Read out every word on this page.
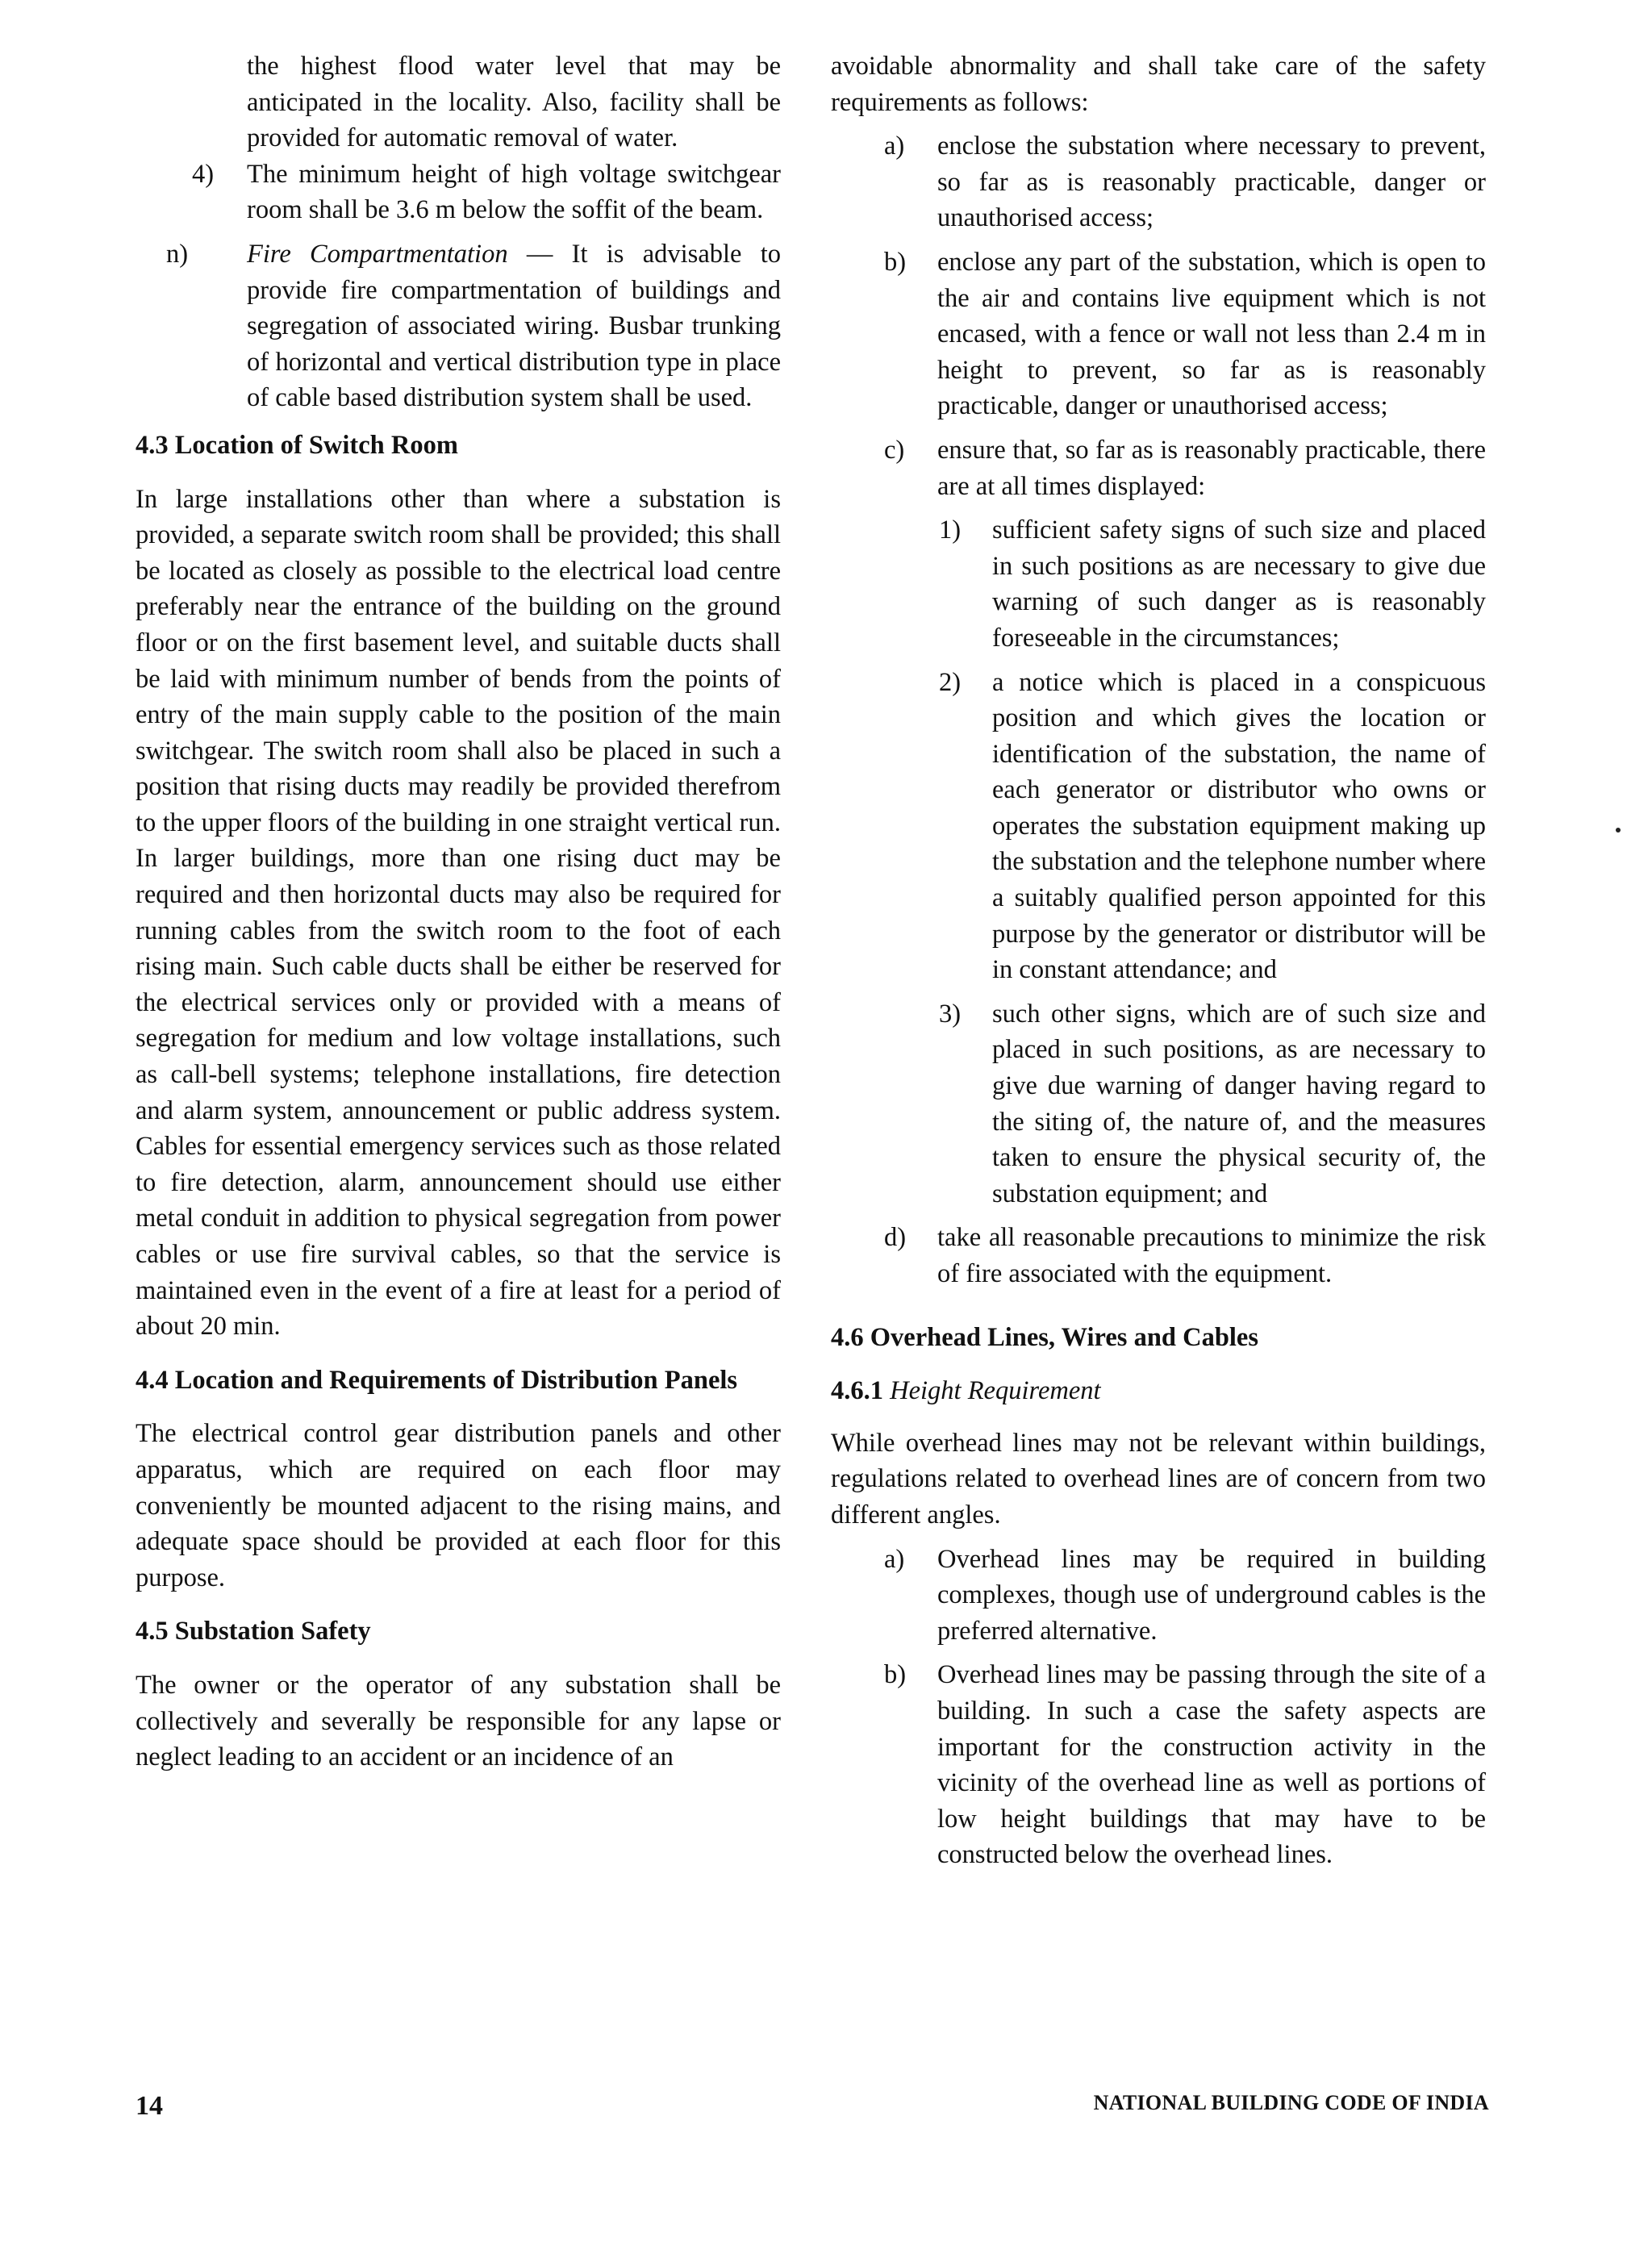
the highest flood water level that may be anticipated in the locality. Also, facility shall be provided for automatic removal of water.

4) The minimum height of high voltage switchgear room shall be 3.6 m below the soffit of the beam.

n) Fire Compartmentation — It is advisable to provide fire compartmentation of buildings and segregation of associated wiring. Busbar trunking of horizontal and vertical distribution type in place of cable based distribution system shall be used.

4.3 Location of Switch Room

In large installations other than where a substation is provided, a separate switch room shall be provided; this shall be located as closely as possible to the electrical load centre preferably near the entrance of the building on the ground floor or on the first basement level, and suitable ducts shall be laid with minimum number of bends from the points of entry of the main supply cable to the position of the main switchgear. The switch room shall also be placed in such a position that rising ducts may readily be provided therefrom to the upper floors of the building in one straight vertical run. In larger buildings, more than one rising duct may be required and then horizontal ducts may also be required for running cables from the switch room to the foot of each rising main. Such cable ducts shall be either be reserved for the electrical services only or provided with a means of segregation for medium and low voltage installations, such as call-bell systems; telephone installations, fire detection and alarm system, announcement or public address system. Cables for essential emergency services such as those related to fire detection, alarm, announcement should use either metal conduit in addition to physical segregation from power cables or use fire survival cables, so that the service is maintained even in the event of a fire at least for a period of about 20 min.

4.4 Location and Requirements of Distribution Panels

The electrical control gear distribution panels and other apparatus, which are required on each floor may conveniently be mounted adjacent to the rising mains, and adequate space should be provided at each floor for this purpose.

4.5 Substation Safety

The owner or the operator of any substation shall be collectively and severally be responsible for any lapse or neglect leading to an accident or an incidence of an

avoidable abnormality and shall take care of the safety requirements as follows:

a) enclose the substation where necessary to prevent, so far as is reasonably practicable, danger or unauthorised access;

b) enclose any part of the substation, which is open to the air and contains live equipment which is not encased, with a fence or wall not less than 2.4 m in height to prevent, so far as is reasonably practicable, danger or unauthorised access;

c) ensure that, so far as is reasonably practicable, there are at all times displayed:

1) sufficient safety signs of such size and placed in such positions as are necessary to give due warning of such danger as is reasonably foreseeable in the circumstances;

2) a notice which is placed in a conspicuous position and which gives the location or identification of the substation, the name of each generator or distributor who owns or operates the substation equipment making up the substation and the telephone number where a suitably qualified person appointed for this purpose by the generator or distributor will be in constant attendance; and

3) such other signs, which are of such size and placed in such positions, as are necessary to give due warning of danger having regard to the siting of, the nature of, and the measures taken to ensure the physical security of, the substation equipment; and

d) take all reasonable precautions to minimize the risk of fire associated with the equipment.

4.6 Overhead Lines, Wires and Cables

4.6.1 Height Requirement

While overhead lines may not be relevant within buildings, regulations related to overhead lines are of concern from two different angles.

a) Overhead lines may be required in building complexes, though use of underground cables is the preferred alternative.

b) Overhead lines may be passing through the site of a building. In such a case the safety aspects are important for the construction activity in the vicinity of the overhead line as well as portions of low height buildings that may have to be constructed below the overhead lines.

14	NATIONAL BUILDING CODE OF INDIA
